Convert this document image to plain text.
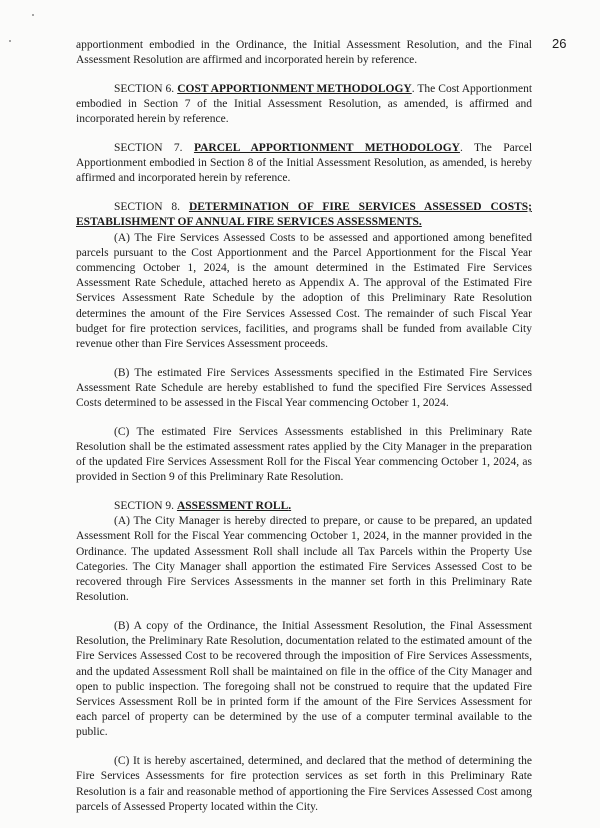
26

apportionment embodied in the Ordinance, the Initial Assessment Resolution, and the Final Assessment Resolution are affirmed and incorporated herein by reference.

SECTION 6. COST APPORTIONMENT METHODOLOGY. The Cost Apportionment embodied in Section 7 of the Initial Assessment Resolution, as amended, is affirmed and incorporated herein by reference.

SECTION 7. PARCEL APPORTIONMENT METHODOLOGY. The Parcel Apportionment embodied in Section 8 of the Initial Assessment Resolution, as amended, is hereby affirmed and incorporated herein by reference.

SECTION 8. DETERMINATION OF FIRE SERVICES ASSESSED COSTS; ESTABLISHMENT OF ANNUAL FIRE SERVICES ASSESSMENTS.

(A) The Fire Services Assessed Costs to be assessed and apportioned among benefited parcels pursuant to the Cost Apportionment and the Parcel Apportionment for the Fiscal Year commencing October 1, 2024, is the amount determined in the Estimated Fire Services Assessment Rate Schedule, attached hereto as Appendix A. The approval of the Estimated Fire Services Assessment Rate Schedule by the adoption of this Preliminary Rate Resolution determines the amount of the Fire Services Assessed Cost. The remainder of such Fiscal Year budget for fire protection services, facilities, and programs shall be funded from available City revenue other than Fire Services Assessment proceeds.

(B) The estimated Fire Services Assessments specified in the Estimated Fire Services Assessment Rate Schedule are hereby established to fund the specified Fire Services Assessed Costs determined to be assessed in the Fiscal Year commencing October 1, 2024.

(C) The estimated Fire Services Assessments established in this Preliminary Rate Resolution shall be the estimated assessment rates applied by the City Manager in the preparation of the updated Fire Services Assessment Roll for the Fiscal Year commencing October 1, 2024, as provided in Section 9 of this Preliminary Rate Resolution.

SECTION 9. ASSESSMENT ROLL.

(A) The City Manager is hereby directed to prepare, or cause to be prepared, an updated Assessment Roll for the Fiscal Year commencing October 1, 2024, in the manner provided in the Ordinance. The updated Assessment Roll shall include all Tax Parcels within the Property Use Categories. The City Manager shall apportion the estimated Fire Services Assessed Cost to be recovered through Fire Services Assessments in the manner set forth in this Preliminary Rate Resolution.

(B) A copy of the Ordinance, the Initial Assessment Resolution, the Final Assessment Resolution, the Preliminary Rate Resolution, documentation related to the estimated amount of the Fire Services Assessed Cost to be recovered through the imposition of Fire Services Assessments, and the updated Assessment Roll shall be maintained on file in the office of the City Manager and open to public inspection. The foregoing shall not be construed to require that the updated Fire Services Assessment Roll be in printed form if the amount of the Fire Services Assessment for each parcel of property can be determined by the use of a computer terminal available to the public.

(C) It is hereby ascertained, determined, and declared that the method of determining the Fire Services Assessments for fire protection services as set forth in this Preliminary Rate Resolution is a fair and reasonable method of apportioning the Fire Services Assessed Cost among parcels of Assessed Property located within the City.
